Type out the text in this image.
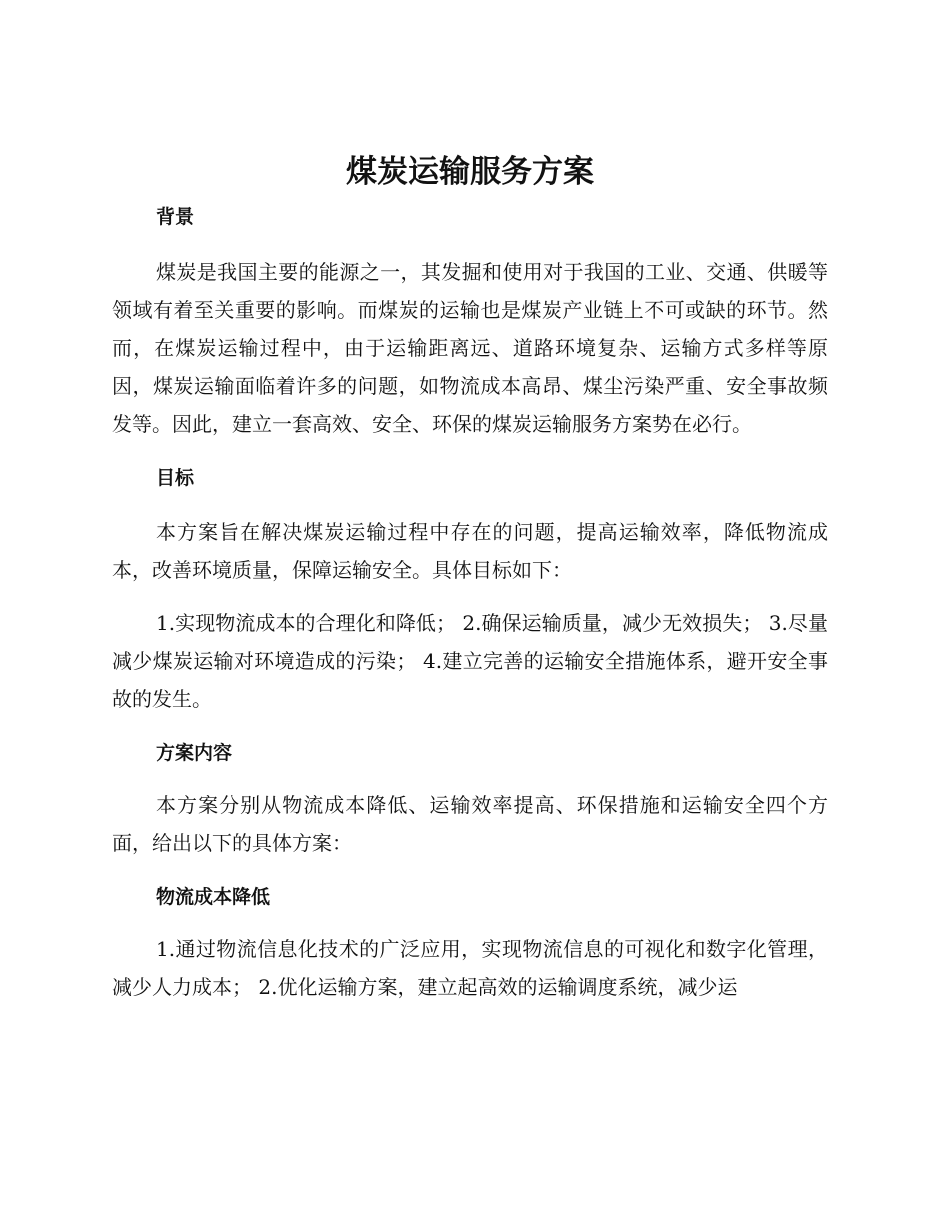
煤炭运输服务方案
背景

煤炭是我国主要的能源之一，其发掘和使用对于我国的工业、交通、供暖等领域有着至关重要的影响。而煤炭的运输也是煤炭产业链上不可或缺的环节。然而，在煤炭运输过程中，由于运输距离远、道路环境复杂、运输方式多样等原因，煤炭运输面临着许多的问题，如物流成本高昂、煤尘污染严重、安全事故频发等。因此，建立一套高效、安全、环保的煤炭运输服务方案势在必行。

目标

本方案旨在解决煤炭运输过程中存在的问题，提高运输效率，降低物流成本，改善环境质量，保障运输安全。具体目标如下：

1.实现物流成本的合理化和降低； 2.确保运输质量，减少无效损失； 3.尽量减少煤炭运输对环境造成的污染； 4.建立完善的运输安全措施体系，避开安全事故的发生。

方案内容

本方案分别从物流成本降低、运输效率提高、环保措施和运输安全四个方面，给出以下的具体方案：

物流成本降低

1.通过物流信息化技术的广泛应用，实现物流信息的可视化和数字化管理，减少人力成本； 2.优化运输方案，建立起高效的运输调度系统，减少运
